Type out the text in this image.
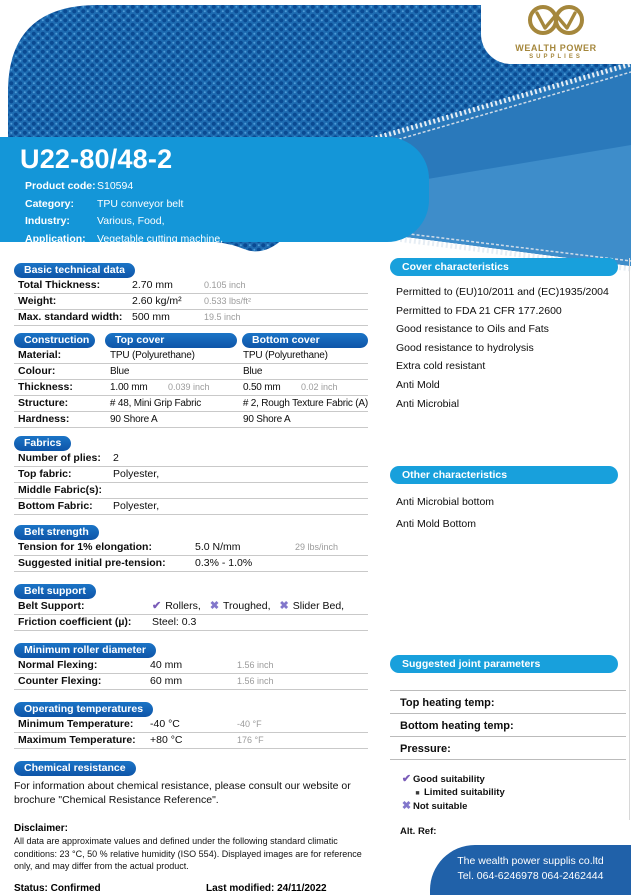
WEALTH POWER
SUPPLIES
U22-80/48-2
Product code: S10594
Category:	TPU conveyor belt
Industry:	Various, Food,
Application:	Vegetable cutting machine,
Basic technical data
Total Thickness:	2.70 mm	0.105 inch
Weight:	2.60 kg/m²	0.533 lbs/ft²
Max. standard width: 500 mm	19.5 inch
Construction	Top cover	Bottom cover
Material:	TPU (Polyurethane)	TPU (Polyurethane)
Colour:	Blue	Blue
Thickness:	1.00 mm	0.039 inch	0.50 mm	0.02 inch
Structure:	# 48, Mini Grip Fabric	# 2, Rough Texture Fabric (A)
Hardness:	90 Shore A	90 Shore A
Fabrics
Number of plies:	2
Top fabric:	Polyester,
Middle Fabric(s):
Bottom Fabric:	Polyester,
Belt strength
Tension for 1% elongation:	5.0 N/mm	29 lbs/inch
Suggested initial pre-tension:	0.3% - 1.0%
Belt support
Belt Support:	✔ Rollers, ✖ Troughed, ✖ Slider Bed,
Friction coefficient (µ):	Steel: 0.3
Minimum roller diameter
Normal Flexing:	40 mm	1.56 inch
Counter Flexing:	60 mm	1.56 inch
Operating temperatures
Minimum Temperature:	-40 °C	-40 °F
Maximum Temperature:	+80 °C	176 °F
Chemical resistance
For information about chemical resistance, please consult our website or brochure "Chemical Resistance Reference".
Disclaimer:
All data are approximate values and defined under the following standard climatic conditions: 23 °C, 50 % relative humidity (ISO 554). Displayed images are for reference only, and may differ from the actual product.
Status: Confirmed	Last modified: 24/11/2022
Cover characteristics
Permitted to (EU)10/2011 and (EC)1935/2004
Permitted to FDA 21 CFR 177.2600
Good resistance to Oils and Fats
Good resistance to hydrolysis
Extra cold resistant
Anti Mold
Anti Microbial
Other characteristics
Anti Microbial bottom
Anti Mold Bottom
Suggested joint parameters
Top heating temp:
Bottom heating temp:
Pressure:
✔ Good suitability
■ Limited suitability
✖ Not suitable
Alt. Ref:
The wealth power supplis co.ltd
Tel. 064-6246978 064-2462444
